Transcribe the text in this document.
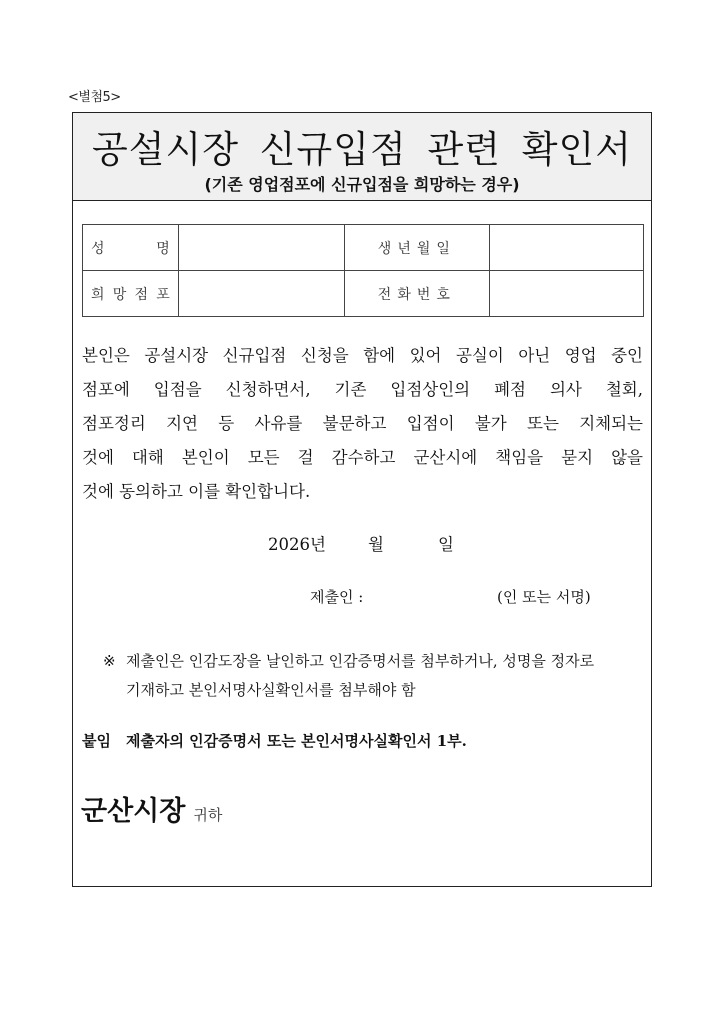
<별첨5>
공설시장 신규입점 관련 확인서
(기존 영업점포에 신규입점을 희망하는 경우)
성 명		생년월일	

희 망 점 포		전화번호	
본인은 공설시장 신규입점 신청을 함에 있어 공실이 아닌 영업 중인
점포에 입점을 신청하면서, 기존 입점상인의 폐점 의사 철회,
점포정리 지연 등 사유를 불문하고 입점이 불가 또는 지체되는
것에 대해 본인이 모든 걸 감수하고 군산시에 책임을 묻지 않을
것에 동의하고 이를 확인합니다.
2026년	월	일
제출인 :	(인 또는 서명)
※ 제출인은 인감도장을 날인하고 인감증명서를 첨부하거나, 성명을 정자로
기재하고 본인서명사실확인서를 첨부해야 함
붙임 제출자의 인감증명서 또는 본인서명사실확인서 1부.
군산시장 귀하
